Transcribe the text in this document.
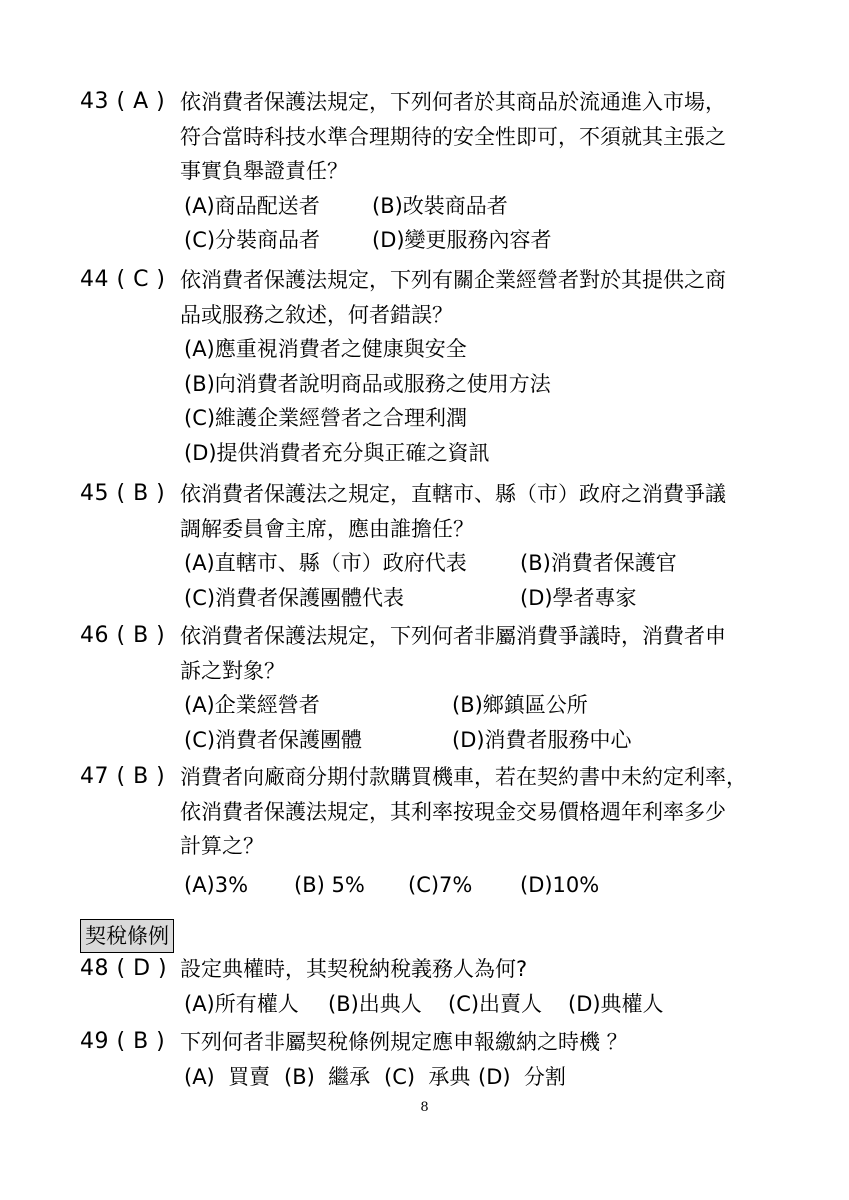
43 ( A ) 依消費者保護法規定，下列何者於其商品於流通進入市場，
符合當時科技水準合理期待的安全性即可，不須就其主張之
事實負舉證責任？
(A)商品配送者 (B)改裝商品者
(C)分裝商品者 (D)變更服務內容者
44 ( C ) 依消費者保護法規定，下列有關企業經營者對於其提供之商
品或服務之敘述，何者錯誤？
(A)應重視消費者之健康與安全
(B)向消費者說明商品或服務之使用方法
(C)維護企業經營者之合理利潤
(D)提供消費者充分與正確之資訊
45 ( B ) 依消費者保護法之規定，直轄市、縣（市）政府之消費爭議
調解委員會主席，應由誰擔任？
(A)直轄市、縣（市）政府代表	(B)消費者保護官
(C)消費者保護團體代表	(D)學者專家
46 ( B ) 依消費者保護法規定，下列何者非屬消費爭議時，消費者申
訴之對象？
(A)企業經營者	(B)鄉鎮區公所
(C)消費者保護團體	(D)消費者服務中心
47 ( B ) 消費者向廠商分期付款購買機車，若在契約書中未約定利率，
依消費者保護法規定，其利率按現金交易價格週年利率多少
計算之？
(A)3% (B) 5% (C)7% (D)10%
契稅條例
48 ( D ) 設定典權時，其契稅納稅義務人為何?
(A)所有權人 (B)出典人 (C)出賣人 (D)典權人
49 ( B ) 下列何者非屬契稅條例規定應申報繳納之時機 ？
(A)  買賣 (B)  繼承 (C)  承典 (D)  分割
8
